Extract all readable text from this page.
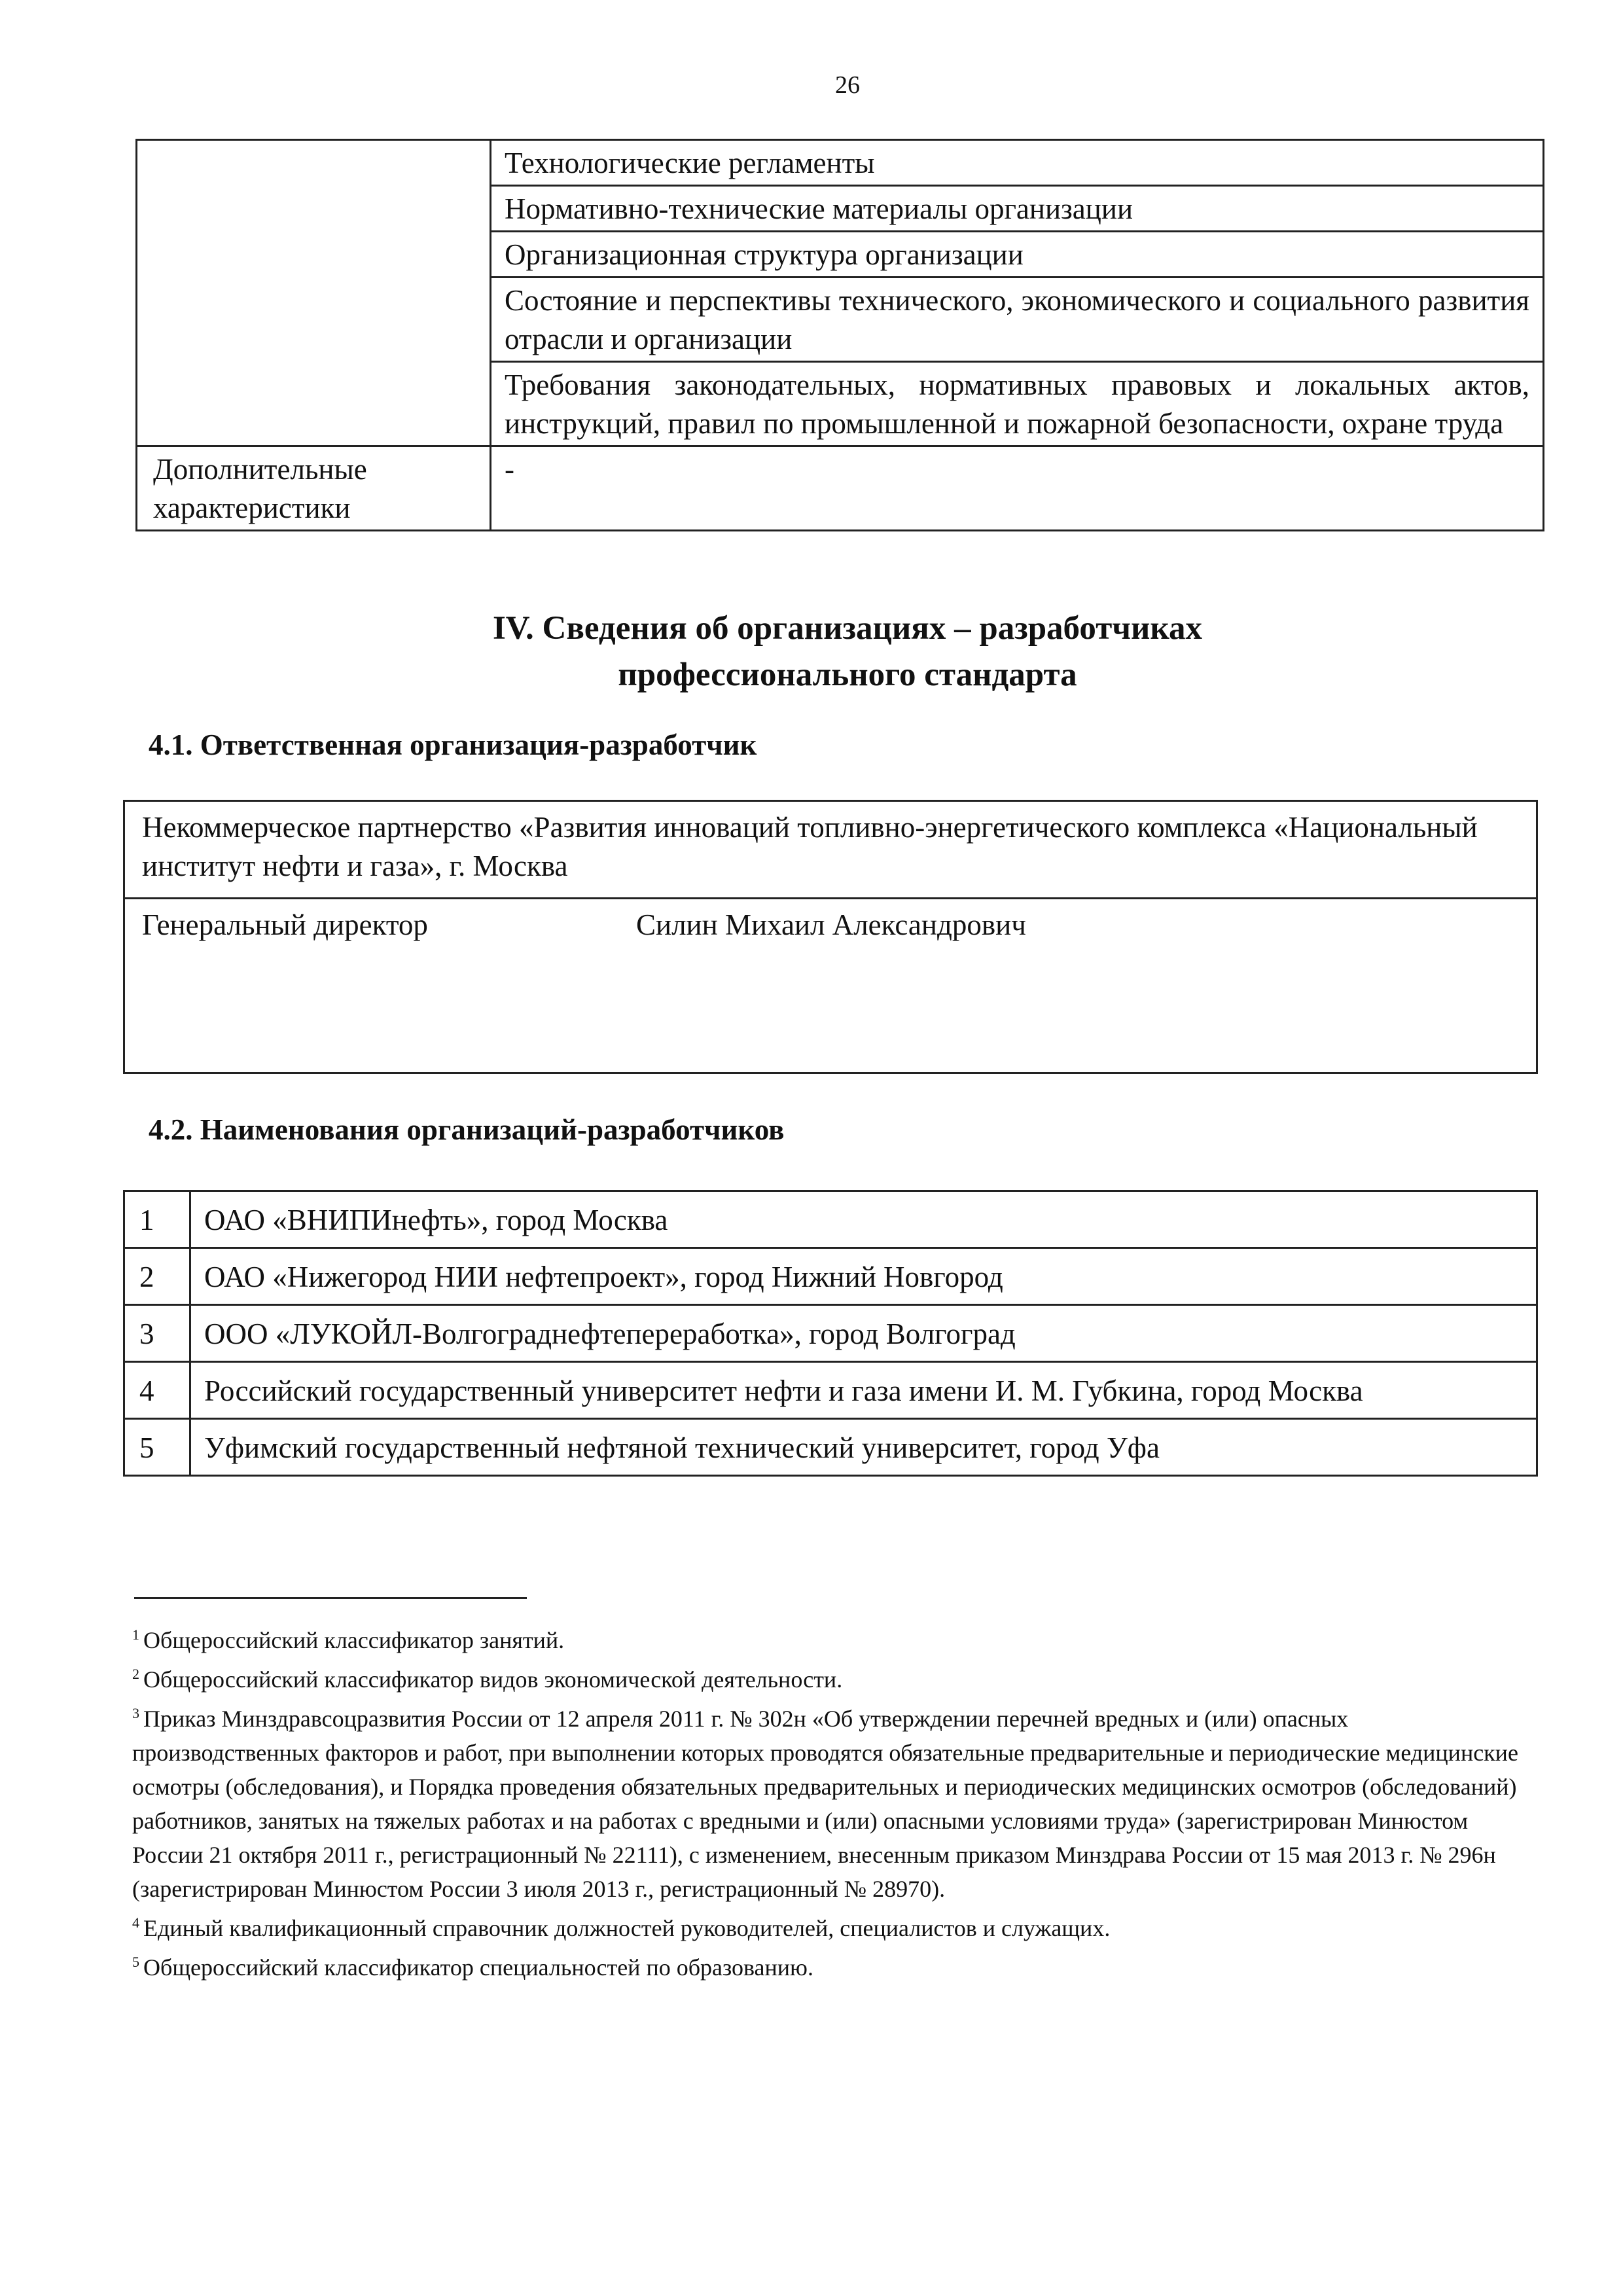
26
	Технологические регламенты
	Нормативно-технические материалы организации
	Организационная структура организации
	Состояние и перспективы технического, экономического и социального развития отрасли и организации
	Требования законодательных, нормативных правовых и локальных актов, инструкций, правил по промышленной и пожарной безопасности, охране труда
Дополнительные характеристики	-
IV. Сведения об организациях – разработчиках
профессионального стандарта
4.1. Ответственная организация-разработчик
Некоммерческое партнерство «Развития инноваций топливно-энергетического комплекса «Национальный институт нефти и газа», г. Москва
Генеральный директор	Силин Михаил Александрович
4.2. Наименования организаций-разработчиков
1	ОАО «ВНИПИнефть», город Москва
2	ОАО «Нижегород НИИ нефтепроект», город Нижний Новгород
3	ООО «ЛУКОЙЛ-Волгограднефтепереработка», город Волгоград
4	Российский государственный университет нефти и газа имени И. М. Губкина, город Москва
5	Уфимский государственный нефтяной технический университет, город Уфа

$^1$ Общероссийский классификатор занятий.

$^2$ Общероссийский классификатор видов экономической деятельности.

$^3$ Приказ Минздравсоцразвития России от 12 апреля 2011 г. № 302н «Об утверждении перечней вредных и (или) опасных производственных факторов и работ, при выполнении которых проводятся обязательные предварительные и периодические медицинские осмотры (обследования), и Порядка проведения обязательных предварительных и периодических медицинских осмотров (обследований) работников, занятых на тяжелых работах и на работах с вредными и (или) опасными условиями труда» (зарегистрирован Минюстом России 21 октября 2011 г., регистрационный № 22111), с изменением, внесенным приказом Минздрава России от 15 мая 2013 г. № 296н (зарегистрирован Минюстом России 3 июля 2013 г., регистрационный № 28970).

$^4$ Единый квалификационный справочник должностей руководителей, специалистов и служащих.

$^5$ Общероссийский классификатор специальностей по образованию.
